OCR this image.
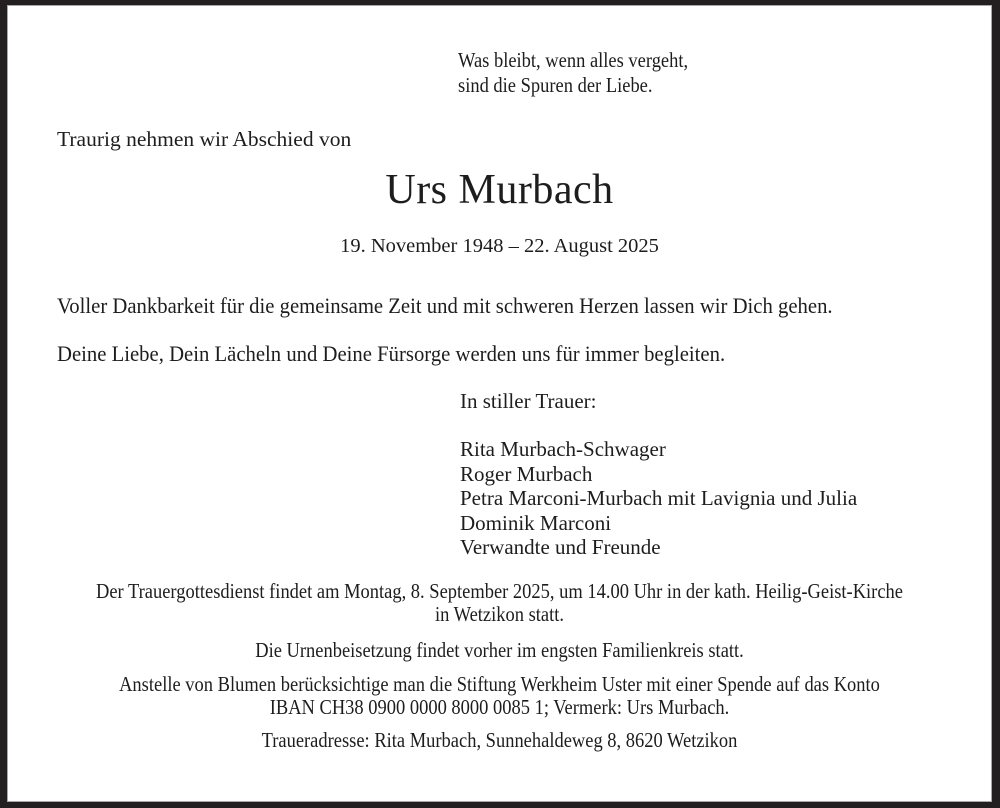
Was bleibt, wenn alles vergeht,
sind die Spuren der Liebe.
Traurig nehmen wir Abschied von
Urs Murbach
19. November 1948 – 22. August 2025
Voller Dankbarkeit für die gemeinsame Zeit und mit schweren Herzen lassen wir Dich gehen.
Deine Liebe, Dein Lächeln und Deine Fürsorge werden uns für immer begleiten.
In stiller Trauer:
Rita Murbach-Schwager
Roger Murbach
Petra Marconi-Murbach mit Lavignia und Julia
Dominik Marconi
Verwandte und Freunde
Der Trauergottesdienst findet am Montag, 8. September 2025, um 14.00 Uhr in der kath. Heilig-Geist-Kirche
in Wetzikon statt.
Die Urnenbeisetzung findet vorher im engsten Familienkreis statt.
Anstelle von Blumen berücksichtige man die Stiftung Werkheim Uster mit einer Spende auf das Konto
IBAN CH38 0900 0000 8000 0085 1; Vermerk: Urs Murbach.
Traueradresse: Rita Murbach, Sunnehaldeweg 8, 8620 Wetzikon
